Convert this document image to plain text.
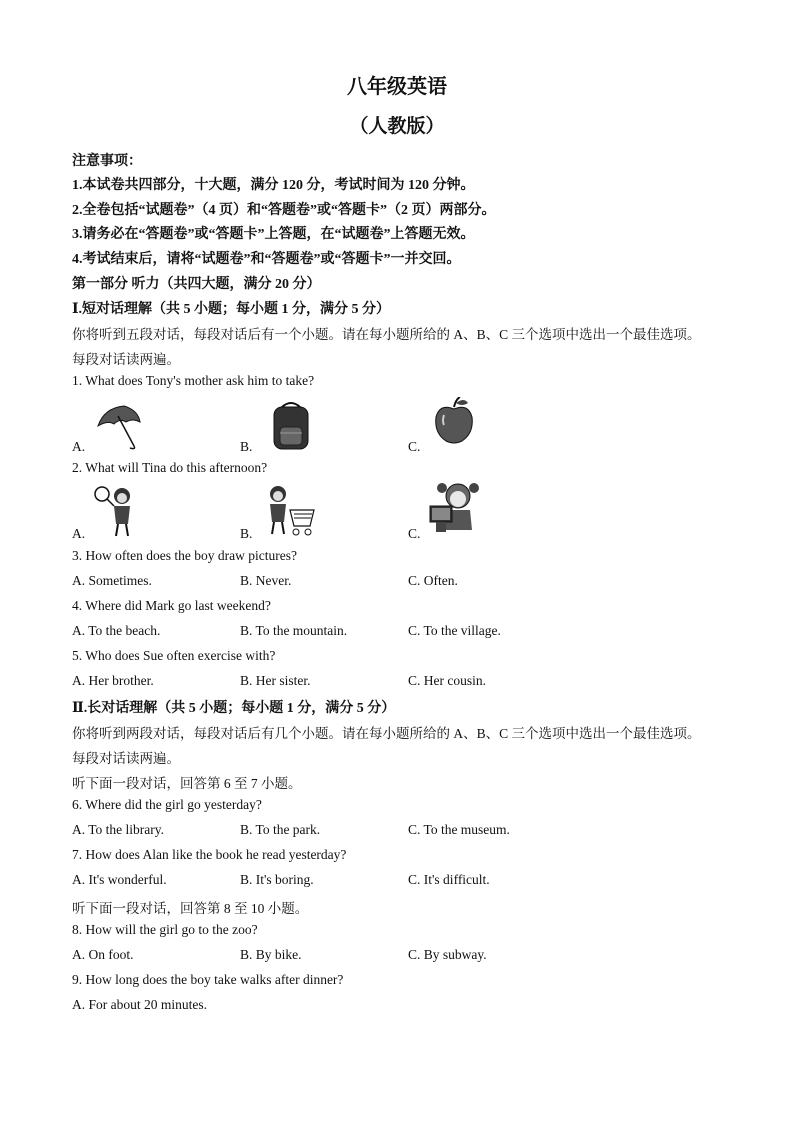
八年级英语
（人教版）
注意事项：
1.本试卷共四部分，十大题，满分 120 分，考试时间为 120 分钟。
2.全卷包括“试题卷”（4 页）和“答题卷”或“答题卡”（2 页）两部分。
3.请务必在“答题卷”或“答题卡”上答题，在“试题卷”上答题无效。
4.考试结束后，请将“试题卷”和“答题卷”或“答题卡”一并交回。
第一部分 听力（共四大题，满分 20 分）
Ⅰ.短对话理解（共 5 小题；每小题 1 分，满分 5 分）
你将听到五段对话，每段对话后有一个小题。请在每小题所给的 A、B、C 三个选项中选出一个最佳选项。
每段对话读两遍。
1. What does Tony's mother ask him to take?
A.	B.	C.
2. What will Tina do this afternoon?
A.	B.	C.
3. How often does the boy draw pictures?
A. Sometimes.	B. Never.	C. Often.
4. Where did Mark go last weekend?
A. To the beach.	B. To the mountain.	C. To the village.
5. Who does Sue often exercise with?
A. Her brother.	B. Her sister.	C. Her cousin.
Ⅱ.长对话理解（共 5 小题；每小题 1 分，满分 5 分）
你将听到两段对话，每段对话后有几个小题。请在每小题所给的 A、B、C 三个选项中选出一个最佳选项。
每段对话读两遍。
听下面一段对话，回答第 6 至 7 小题。
6. Where did the girl go yesterday?
A. To the library.	B. To the park.	C. To the museum.
7. How does Alan like the book he read yesterday?
A. It's wonderful.	B. It's boring.	C. It's difficult.
听下面一段对话，回答第 8 至 10 小题。
8. How will the girl go to the zoo?
A. On foot.	B. By bike.	C. By subway.
9. How long does the boy take walks after dinner?
A. For about 20 minutes.
